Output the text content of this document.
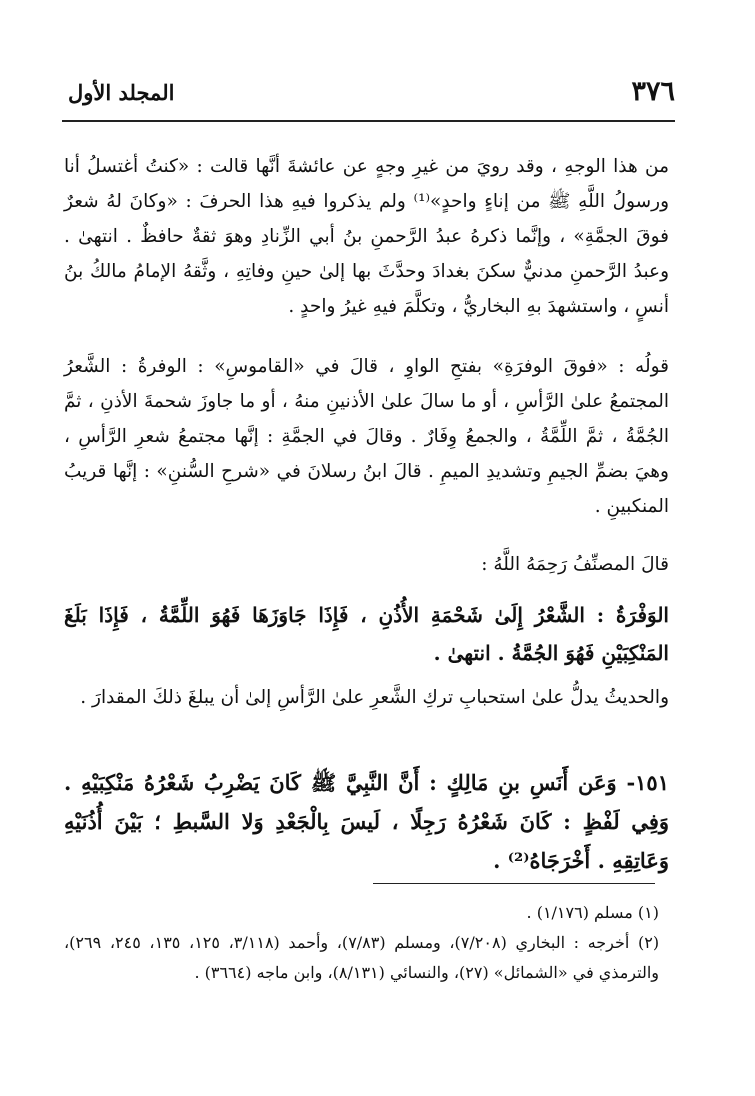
٣٧٦
المجلد الأول

من هذا الوجهِ ، وقد رويَ من غيرِ وجهٍ عن عائشةَ أنَّها قالت : «كنتُ أغتسلُ أنا ورسولُ اللَّهِ ﷺ من إناءٍ واحدٍ»⁽¹⁾ ولم يذكروا فيهِ هذا الحرفَ : «وكانَ لهُ شعرٌ فوقَ الجمَّةِ» ، وإنَّما ذكرهُ عبدُ الرَّحمنِ بنُ أبي الزِّنادِ وهوَ ثقةٌ حافظٌ . انتهىٰ . وعبدُ الرَّحمنِ مدنيٌّ سكنَ بغدادَ وحدَّثَ بها إلىٰ حينِ وفاتِهِ ، وثَّقهُ الإمامُ مالكُ بنُ أنسٍ ، واستشهدَ بهِ البخاريُّ ، وتكلَّمَ فيهِ غيرُ واحدٍ .

قولُه : «فوقَ الوفرَةِ» بفتحِ الواوِ ، قالَ في «القاموسِ» : الوفرةُ : الشَّعرُ المجتمعُ علىٰ الرَّأسِ ، أو ما سالَ علىٰ الأذنينِ منهُ ، أو ما جاوزَ شحمةَ الأذنِ ، ثمَّ الجُمَّةُ ، ثمَّ اللِّمَّةُ ، والجمعُ وِفَارٌ . وقالَ في الجمَّةِ : إنَّها مجتمعُ شعرِ الرَّأسِ ، وهيَ بضمِّ الجيمِ وتشديدِ الميمِ . قالَ ابنُ رسلانَ في «شرحِ السُّننِ» : إنَّها قريبُ المنكبينِ .

قالَ المصنِّفُ رَحِمَهُ اللَّهُ :

الوَفْرَةُ : الشَّعْرُ إِلَىٰ شَحْمَةِ الأُذُنِ ، فَإِذَا جَاوَزَهَا فَهُوَ اللِّمَّةُ ، فَإِذَا بَلَغَ المَنْكِبَيْنِ فَهُوَ الجُمَّةُ . انتهىٰ .

والحديثُ يدلُّ علىٰ استحبابِ تركِ الشَّعرِ علىٰ الرَّأسِ إلىٰ أن يبلغَ ذلكَ المقدارَ .

١٥١- وَعَن أَنَسِ بنِ مَالِكٍ : أَنَّ النَّبِيَّ ﷺ كَانَ يَضْرِبُ شَعْرُهُ مَنْكِبَيْهِ . وَفِي لَفْظٍ : كَانَ شَعْرُهُ رَجِلًا ، لَيسَ بِالْجَعْدِ وَلا السَّبطِ ؛ بَيْنَ أُذُنَيْهِ وَعَاتِقِهِ . أَخْرَجَاهُ⁽²⁾ .

(١) مسلم (١/١٧٦) .

(٢) أخرجه : البخاري (٧/٢٠٨)، ومسلم (٧/٨٣)، وأحمد (٣/١١٨، ١٢٥، ١٣٥، ٢٤٥، ٢٦٩)، والترمذي في «الشمائل» (٢٧)، والنسائي (٨/١٣١)، وابن ماجه (٣٦٦٤) .
